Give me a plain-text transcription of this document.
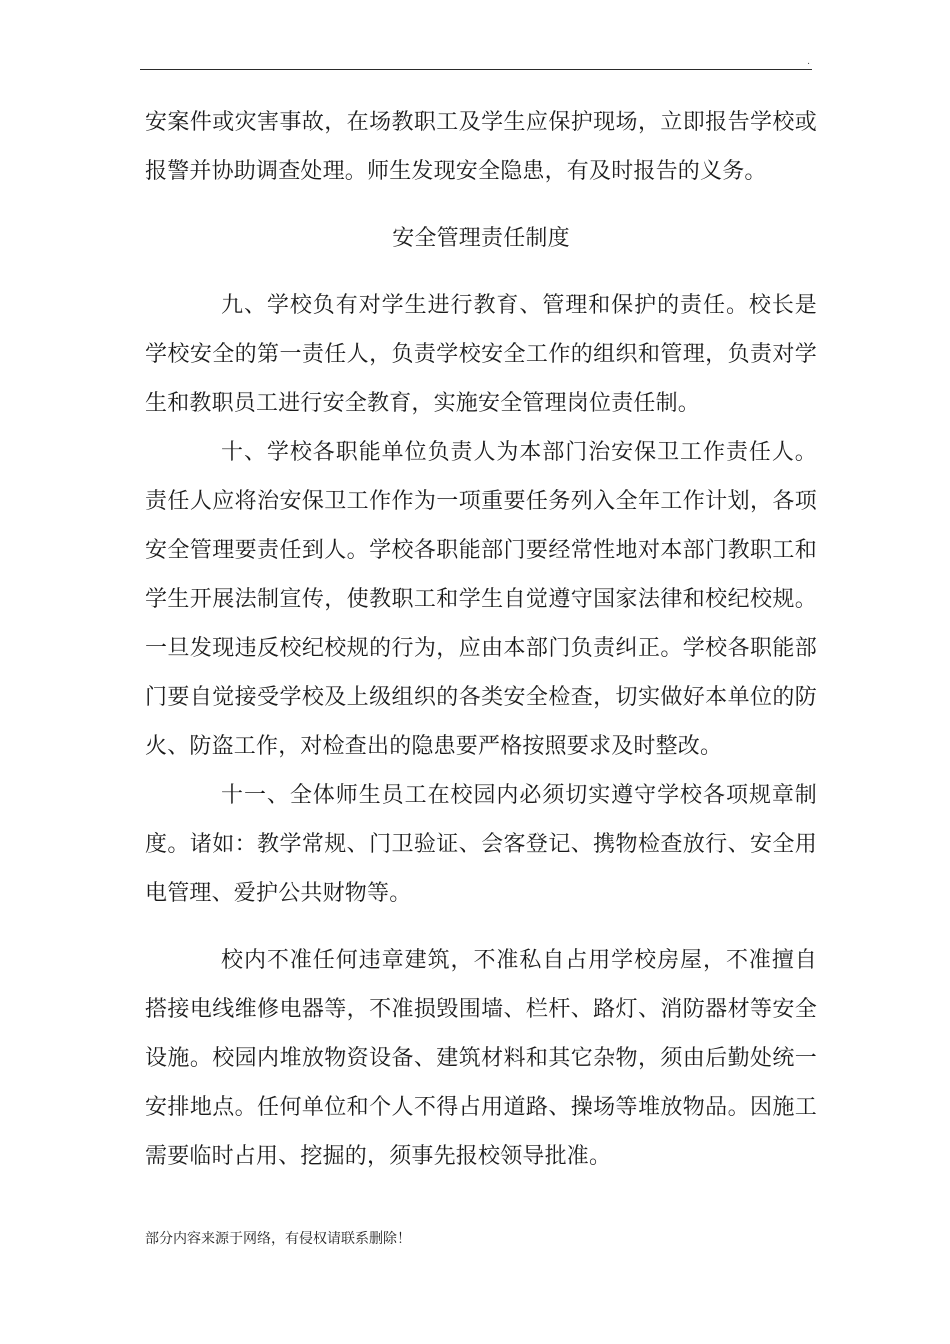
.

安案件或灾害事故，在场教职工及学生应保护现场，立即报告学校或报警并协助调查处理。师生发现安全隐患，有及时报告的义务。

安全管理责任制度

九、学校负有对学生进行教育、管理和保护的责任。校长是学校安全的第一责任人，负责学校安全工作的组织和管理，负责对学生和教职员工进行安全教育，实施安全管理岗位责任制。

十、学校各职能单位负责人为本部门治安保卫工作责任人。责任人应将治安保卫工作作为一项重要任务列入全年工作计划，各项安全管理要责任到人。学校各职能部门要经常性地对本部门教职工和学生开展法制宣传，使教职工和学生自觉遵守国家法律和校纪校规。一旦发现违反校纪校规的行为，应由本部门负责纠正。学校各职能部门要自觉接受学校及上级组织的各类安全检查，切实做好本单位的防火、防盗工作，对检查出的隐患要严格按照要求及时整改。

十一、全体师生员工在校园内必须切实遵守学校各项规章制度。诸如：教学常规、门卫验证、会客登记、携物检查放行、安全用电管理、爱护公共财物等。

校内不准任何违章建筑，不准私自占用学校房屋，不准擅自搭接电线维修电器等，不准损毁围墙、栏杆、路灯、消防器材等安全设施。校园内堆放物资设备、建筑材料和其它杂物，须由后勤处统一安排地点。任何单位和个人不得占用道路、操场等堆放物品。因施工需要临时占用、挖掘的，须事先报校领导批准。

部分内容来源于网络，有侵权请联系删除！
